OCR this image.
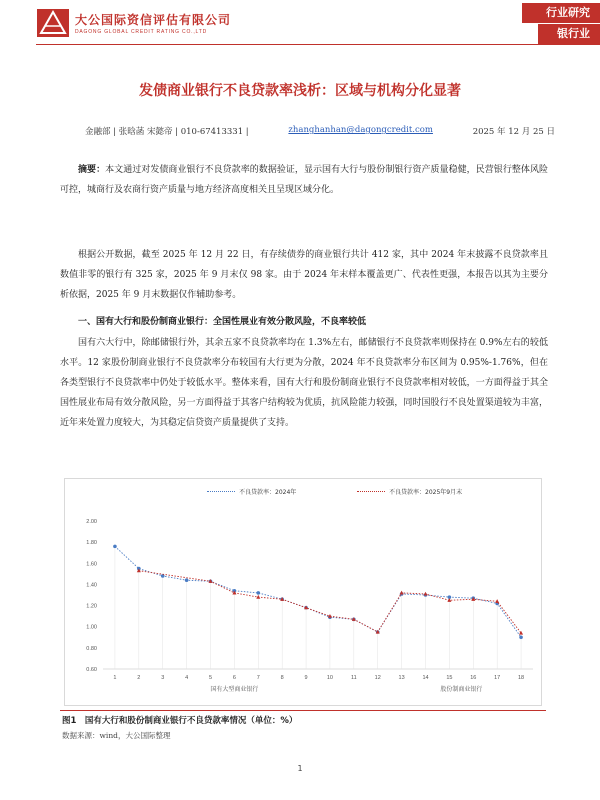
大公国际资信评估有限公司
DAGONG GLOBAL CREDIT RATING CO.,LTD
行业研究
银行业
发债商业银行不良贷款率浅析：区域与机构分化显著
金融部 | 张晗菡 宋懿帝 | 010-67413331 |	zhanghanhan@dagongcredit.com	2025 年 12 月 25 日
摘要：本文通过对发债商业银行不良贷款率的数据验证，显示国有大行与股份制银行资产质量稳健，民营银行整体风险可控，城商行及农商行资产质量与地方经济高度相关且呈现区域分化。
根据公开数据，截至 2025 年 12 月 22 日，有存续债券的商业银行共计 412 家，其中 2024 年末披露不良贷款率且数值非零的银行有 325 家，2025 年 9 月末仅 98 家。由于 2024 年末样本覆盖更广、代表性更强，本报告以其为主要分析依据，2025 年 9 月末数据仅作辅助参考。
一、国有大行和股份制商业银行：全国性展业有效分散风险，不良率较低
国有六大行中，除邮储银行外，其余五家不良贷款率均在 1.3%左右，邮储银行不良贷款率则保持在 0.9%左右的较低水平。12 家股份制商业银行不良贷款率分布较国有大行更为分散，2024 年不良贷款率分布区间为 0.95%-1.76%，但在各类型银行不良贷款率中仍处于较低水平。整体来看，国有大行和股份制商业银行不良贷款率相对较低，一方面得益于其全国性展业布局有效分散风险，另一方面得益于其客户结构较为优质，抗风险能力较强，同时国股行不良处置渠道较为丰富，近年来处置力度较大，为其稳定信贷资产质量提供了支持。
不良贷款率：2024年	不良贷款率：2025年9月末
0.60
0.80
1.00
1.20
1.40
1.60
1.80
2.00
1	2	3	4	5	6	7	8	9	10	11	12	13	14	15	16	17	18
国有大型商业银行	股份制商业银行
图1　国有大行和股份制商业银行不良贷款率情况（单位：%）
数据来源：wind，大公国际整理
1
